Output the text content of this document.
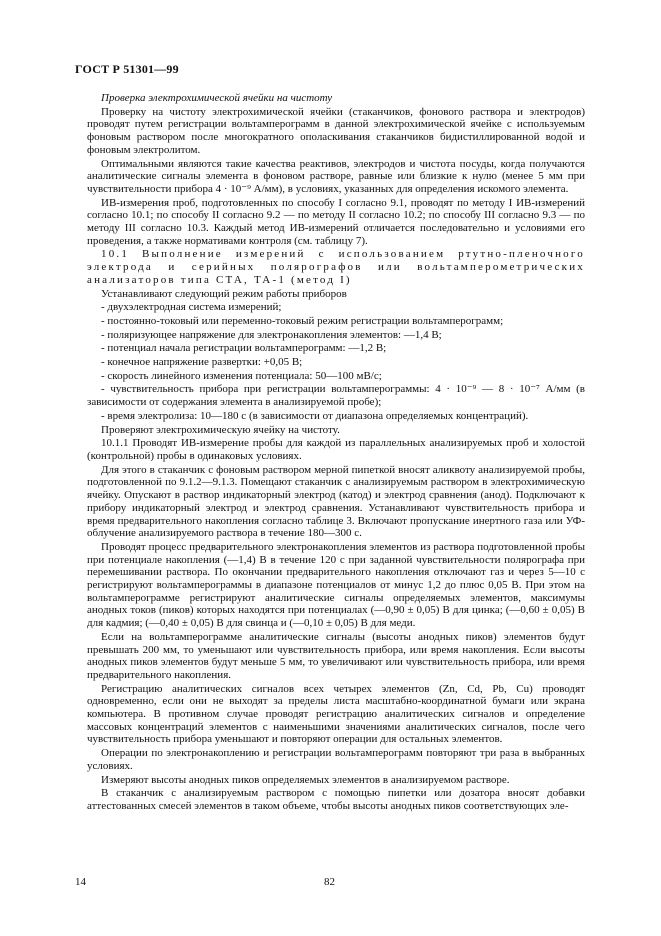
ГОСТ Р 51301—99

Проверка электрохимической ячейки на чистоту

Проверку на чистоту электрохимической ячейки (стаканчиков, фонового раствора и электродов) проводят путем регистрации вольтамперограмм в данной электрохимической ячейке с используемым фоновым раствором после многократного ополаскивания стаканчиков бидистиллированной водой и фоновым электролитом.

Оптимальными являются такие качества реактивов, электродов и чистота посуды, когда получаются аналитические сигналы элемента в фоновом растворе, равные или близкие к нулю (менее 5 мм при чувствительности прибора 4 · 10⁻⁹ А/мм), в условиях, указанных для определения искомого элемента.

ИВ-измерения проб, подготовленных по способу I согласно 9.1, проводят по методу I ИВ-измерений согласно 10.1; по способу II согласно 9.2 — по методу II согласно 10.2; по способу III согласно 9.3 — по методу III согласно 10.3. Каждый метод ИВ-измерений отличается последовательно и условиями его проведения, а также нормативами контроля (см. таблицу 7).

10.1 Выполнение измерений с использованием ртутно-пленочного электрода и серийных полярографов или вольтамперометрических анализаторов типа СТА, ТА-1 (метод I)

Устанавливают следующий режим работы приборов

- двухэлектродная система измерений;

- постоянно-токовый или переменно-токовый режим регистрации вольтамперограмм;

- поляризующее напряжение для электронакопления элементов: —1,4 В;

- потенциал начала регистрации вольтамперограмм: —1,2 В;

- конечное напряжение развертки: +0,05 В;

- скорость линейного изменения потенциала: 50—100 мВ/с;

- чувствительность прибора при регистрации вольтамперограммы: 4 · 10⁻⁹ — 8 · 10⁻⁷ А/мм (в зависимости от содержания элемента в анализируемой пробе);

- время электролиза: 10—180 с (в зависимости от диапазона определяемых концентраций).

Проверяют электрохимическую ячейку на чистоту.

10.1.1 Проводят ИВ-измерение пробы для каждой из параллельных анализируемых проб и холостой (контрольной) пробы в одинаковых условиях.

Для этого в стаканчик с фоновым раствором мерной пипеткой вносят аликвоту анализируемой пробы, подготовленной по 9.1.2—9.1.3. Помещают стаканчик с анализируемым раствором в электрохимическую ячейку. Опускают в раствор индикаторный электрод (катод) и электрод сравнения (анод). Подключают к прибору индикаторный электрод и электрод сравнения. Устанавливают чувствительность прибора и время предварительного накопления согласно таблице 3. Включают пропускание инертного газа или УФ-облучение анализируемого раствора в течение 180—300 с.

Проводят процесс предварительного электронакопления элементов из раствора подготовленной пробы при потенциале накопления (—1,4) В в течение 120 с при заданной чувствительности полярографа при перемешивании раствора. По окончании предварительного накопления отключают газ и через 5—10 с регистрируют вольтамперограммы в диапазоне потенциалов от минус 1,2 до плюс 0,05 В. При этом на вольтамперограмме регистрируют аналитические сигналы определяемых элементов, максимумы анодных токов (пиков) которых находятся при потенциалах (—0,90 ± 0,05) В для цинка; (—0,60 ± 0,05) В для кадмия; (—0,40 ± 0,05) В для свинца и (—0,10 ± 0,05) В для меди.

Если на вольтамперограмме аналитические сигналы (высоты анодных пиков) элементов будут превышать 200 мм, то уменьшают или чувствительность прибора, или время накопления. Если высоты анодных пиков элементов будут меньше 5 мм, то увеличивают или чувствительность прибора, или время предварительного накопления.

Регистрацию аналитических сигналов всех четырех элементов (Zn, Cd, Pb, Cu) проводят одновременно, если они не выходят за пределы листа масштабно-координатной бумаги или экрана компьютера. В противном случае проводят регистрацию аналитических сигналов и определение массовых концентраций элементов с наименьшими значениями аналитических сигналов, после чего чувствительность прибора уменьшают и повторяют операции для остальных элементов.

Операции по электронакоплению и регистрации вольтамперограмм повторяют три раза в выбранных условиях.

Измеряют высоты анодных пиков определяемых элементов в анализируемом растворе.

В стаканчик с анализируемым раствором с помощью пипетки или дозатора вносят добавки аттестованных смесей элементов в таком объеме, чтобы высоты анодных пиков соответствующих эле-

14	82
